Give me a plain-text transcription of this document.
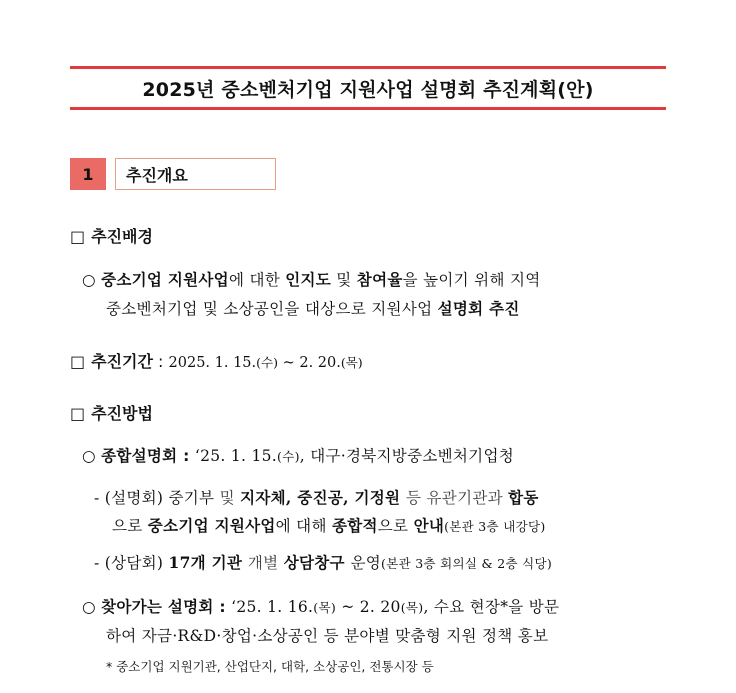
2025년 중소벤처기업 지원사업 설명회 추진계획(안)
1	추진개요
□ 추진배경
○ 중소기업 지원사업에 대한 인지도 및 참여율을 높이기 위해 지역
중소벤처기업 및 소상공인을 대상으로 지원사업 설명회 추진
□ 추진기간 : 2025. 1. 15.(수) ~ 2. 20.(목)
□ 추진방법
○ 종합설명회 : ‘25. 1. 15.(수), 대구·경북지방중소벤처기업청
- (설명회) 중기부 및 지자체, 중진공, 기정원 등 유관기관과 합동
으로 중소기업 지원사업에 대해 종합적으로 안내(본관 3층 내강당)
- (상담회) 17개 기관 개별 상담창구 운영(본관 3층 회의실 & 2층 식당)
○ 찾아가는 설명회 : ‘25. 1. 16.(목) ~ 2. 20(목), 수요 현장*을 방문
하여 자금·R&D·창업·소상공인 등 분야별 맞춤형 지원 정책 홍보
* 중소기업 지원기관, 산업단지, 대학, 소상공인, 전통시장 등
